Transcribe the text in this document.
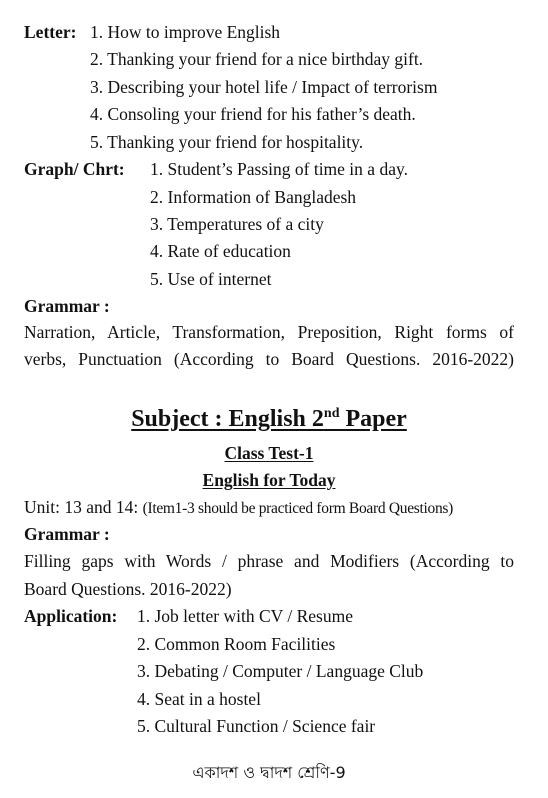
Letter: 1. How to improve English
2. Thanking your friend for a nice birthday gift.
3. Describing your hotel life / Impact of terrorism
4. Consoling your friend for his father’s death.
5. Thanking your friend for hospitality.
Graph/ Chrt: 1. Student’s Passing of time in a day.
2. Information of Bangladesh
3. Temperatures of a city
4. Rate of education
5. Use of internet
Grammar :
Narration, Article, Transformation, Preposition, Right forms of
verbs, Punctuation (According to Board Questions. 2016-2022)
Subject : English 2nd Paper
Class Test-1
English for Today
Unit: 13 and 14: (Item1-3 should be practiced form Board Questions)
Grammar :
Filling gaps with Words / phrase and Modifiers (According to
Board Questions. 2016-2022)
Application: 1. Job letter with CV / Resume
2. Common Room Facilities
3. Debating / Computer / Language Club
4. Seat in a hostel
5. Cultural Function / Science fair
একাদশ ও দ্বাদশ শ্রেণি-9
